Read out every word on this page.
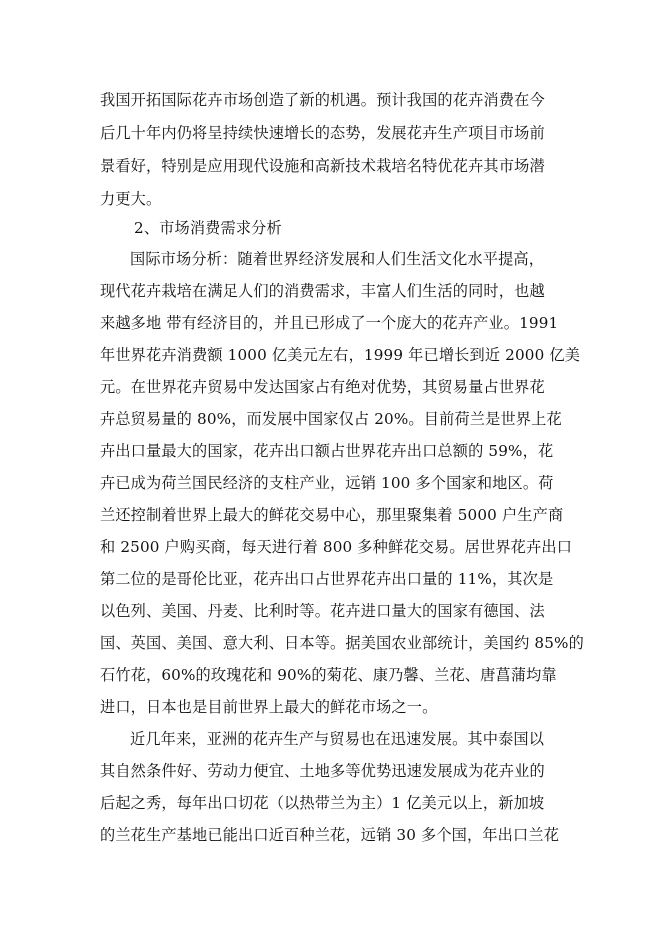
我国开拓国际花卉市场创造了新的机遇。预计我国的花卉消费在今
后几十年内仍将呈持续快速增长的态势，发展花卉生产项目市场前
景看好，特别是应用现代设施和高新技术栽培名特优花卉其市场潜
力更大。
2、市场消费需求分析
国际市场分析：随着世界经济发展和人们生活文化水平提高，
现代花卉栽培在满足人们的消费需求，丰富人们生活的同时，也越
来越多地 带有经济目的，并且已形成了一个庞大的花卉产业。1991
年世界花卉消费额 1000 亿美元左右，1999 年已增长到近 2000 亿美
元。在世界花卉贸易中发达国家占有绝对优势，其贸易量占世界花
卉总贸易量的 80%，而发展中国家仅占 20%。目前荷兰是世界上花
卉出口量最大的国家，花卉出口额占世界花卉出口总额的 59%，花
卉已成为荷兰国民经济的支柱产业，远销 100 多个国家和地区。荷
兰还控制着世界上最大的鲜花交易中心，那里聚集着 5000 户生产商
和 2500 户购买商，每天进行着 800 多种鲜花交易。居世界花卉出口
第二位的是哥伦比亚，花卉出口占世界花卉出口量的 11%，其次是
以色列、美国、丹麦、比利时等。花卉进口量大的国家有德国、法
国、英国、美国、意大利、日本等。据美国农业部统计，美国约 85%的
石竹花，60%的玫瑰花和 90%的菊花、康乃馨、兰花、唐菖蒲均靠
进口，日本也是目前世界上最大的鲜花市场之一。
近几年来，亚洲的花卉生产与贸易也在迅速发展。其中泰国以
其自然条件好、劳动力便宜、土地多等优势迅速发展成为花卉业的
后起之秀，每年出口切花（以热带兰为主）1 亿美元以上，新加坡
的兰花生产基地已能出口近百种兰花，远销 30 多个国，年出口兰花
